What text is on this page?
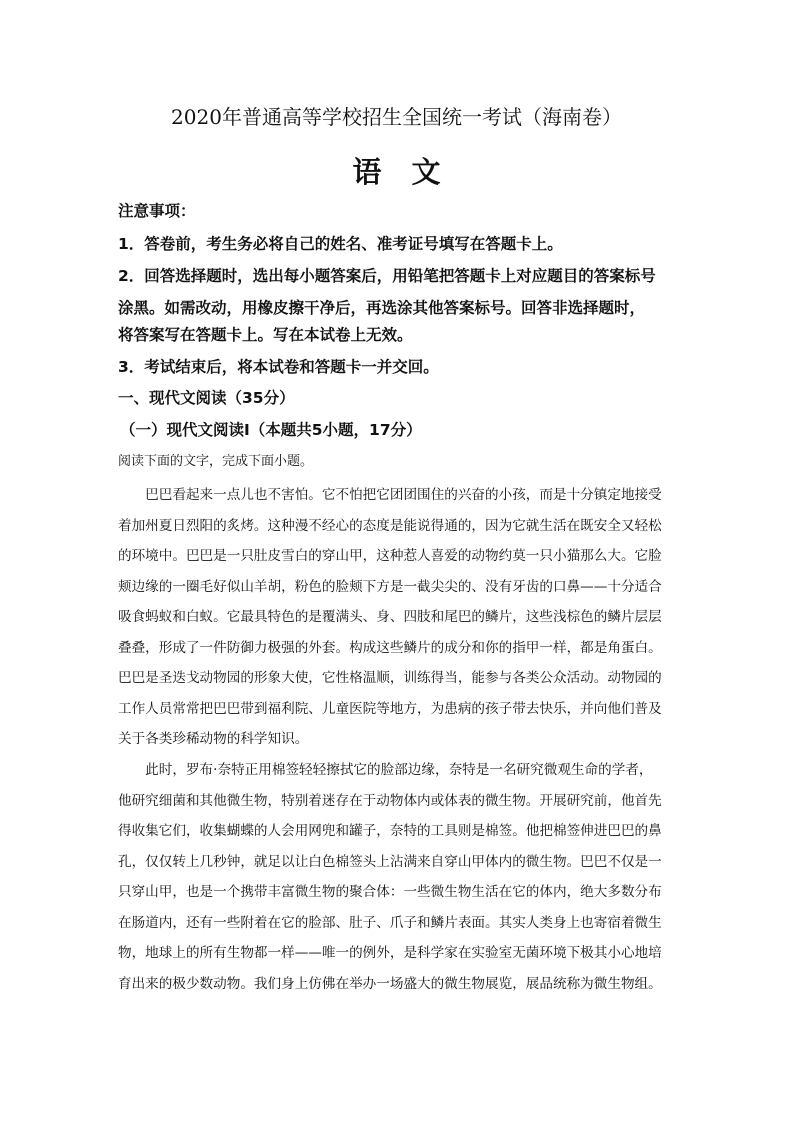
2020年普通高等学校招生全国统一考试（海南卷）
语文
注意事项：
1．答卷前，考生务必将自己的姓名、准考证号填写在答题卡上。
2．回答选择题时，选出每小题答案后，用铅笔把答题卡上对应题目的答案标号
涂黑。如需改动，用橡皮擦干净后，再选涂其他答案标号。回答非选择题时，
将答案写在答题卡上。写在本试卷上无效。
3．考试结束后，将本试卷和答题卡一并交回。
一、现代文阅读（35分）
（一）现代文阅读Ⅰ（本题共5小题，17分）
阅读下面的文字，完成下面小题。
　　巴巴看起来一点儿也不害怕。它不怕把它团团围住的兴奋的小孩，而是十分镇定地接受
着加州夏日烈阳的炙烤。这种漫不经心的态度是能说得通的，因为它就生活在既安全又轻松
的环境中。巴巴是一只肚皮雪白的穿山甲，这种惹人喜爱的动物约莫一只小猫那么大。它脸
颊边缘的一圈毛好似山羊胡，粉色的脸颊下方是一截尖尖的、没有牙齿的口鼻——十分适合
吸食蚂蚁和白蚁。它最具特色的是覆满头、身、四肢和尾巴的鳞片，这些浅棕色的鳞片层层
叠叠，形成了一件防御力极强的外套。构成这些鳞片的成分和你的指甲一样，都是角蛋白。
巴巴是圣迭戈动物园的形象大使，它性格温顺，训练得当，能参与各类公众活动。动物园的
工作人员常常把巴巴带到福利院、儿童医院等地方，为患病的孩子带去快乐，并向他们普及
关于各类珍稀动物的科学知识。
　　此时，罗布·奈特正用棉签轻轻擦拭它的脸部边缘，奈特是一名研究微观生命的学者，
他研究细菌和其他微生物，特别着迷存在于动物体内或体表的微生物。开展研究前，他首先
得收集它们，收集蝴蝶的人会用网兜和罐子，奈特的工具则是棉签。他把棉签伸进巴巴的鼻
孔，仅仅转上几秒钟，就足以让白色棉签头上沾满来自穿山甲体内的微生物。巴巴不仅是一
只穿山甲，也是一个携带丰富微生物的聚合体：一些微生物生活在它的体内，绝大多数分布
在肠道内，还有一些附着在它的脸部、肚子、爪子和鳞片表面。其实人类身上也寄宿着微生
物，地球上的所有生物都一样——唯一的例外，是科学家在实验室无菌环境下极其小心地培
育出来的极少数动物。我们身上仿佛在举办一场盛大的微生物展览，展品统称为微生物组。
